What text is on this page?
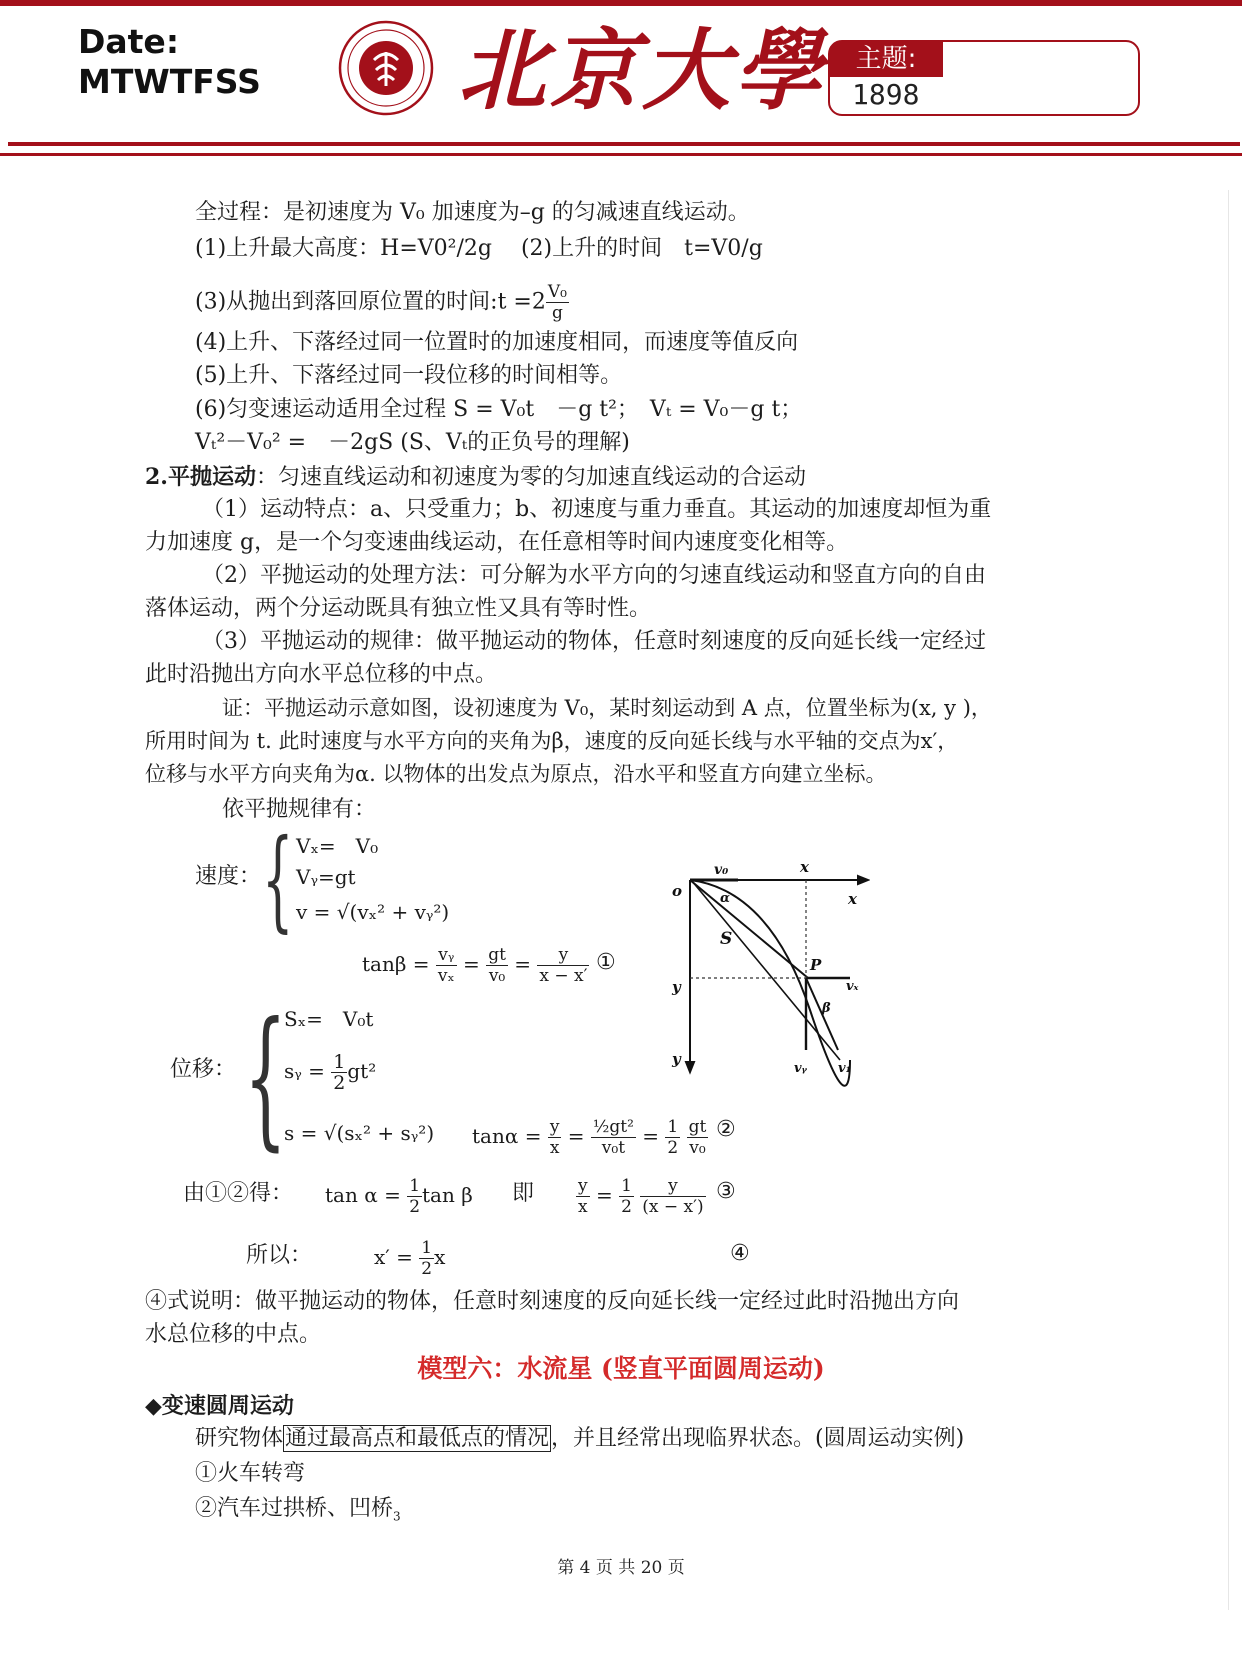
Date:
MTWTFSS 北京大學	主题:
1898
全过程：是初速度为 V₀ 加速度为–g 的匀减速直线运动。
(1)上升最大高度：H=V0²/2g　 (2)上升的时间　t=V0/g
(3)从抛出到落回原位置的时间:t $=2 \frac{\text{V₀}}{g}$
(4)上升、下落经过同一位置时的加速度相同，而速度等值反向
(5)上升、下落经过同一段位移的时间相等。
(6)匀变速运动适用全过程 S = V₀t　－g t²；　Vₜ = V₀－g t；
Vₜ²－V₀² =　－2gS (S、Vₜ的正负号的理解)
2.平抛运动：匀速直线运动和初速度为零的匀加速直线运动的合运动
（1）运动特点：a、只受重力；b、初速度与重力垂直。其运动的加速度却恒为重
力加速度 g，是一个匀变速曲线运动，在任意相等时间内速度变化相等。
（2）平抛运动的处理方法：可分解为水平方向的匀速直线运动和竖直方向的自由
落体运动，两个分运动既具有独立性又具有等时性。
（3）平抛运动的规律：做平抛运动的物体，任意时刻速度的反向延长线一定经过
此时沿抛出方向水平总位移的中点。
证：平抛运动示意如图，设初速度为 V₀，某时刻运动到 A 点，位置坐标为(x, y )，
所用时间为 t. 此时速度与水平方向的夹角为β，速度的反向延长线与水平轴的交点为x′，
位移与水平方向夹角为α. 以物体的出发点为原点，沿水平和竖直方向建立坐标。
依平抛规律有：
速度： { Vₓ=　V₀
Vᵧ=gt
v = √(vₓ² + vᵧ²)
$\tan\beta = \frac{\text{vᵧ}}{\text{vₓ}} = \frac{gt}{\text{v₀}} = \frac{y}{x - x'}$ ①
位移： {
Sₓ=　V₀t
sᵧ = $\frac{1}{2} gt^2$
s = √(sₓ² + sᵧ²) $\tan\alpha = \frac{y}{x} = \frac{\text{½gt²}}{\text{v₀t}} = \frac{1}{2}$
$\frac{gt}{\text{v₀}}$ ②
由①②得： $\tan \alpha = \frac{1}{2}$ tan β 即 $\frac{y}{x} = \frac{1}{2}$
$\frac{y}{(x - x')}$ ③
所以：	$x' = \frac{1}{2}$ x	④
④式说明：做平抛运动的物体，任意时刻速度的反向延长线一定经过此时沿抛出方向
水总位移的中点。
模型六：水流星 (竖直平面圆周运动)
◆变速圆周运动
研究物体通过最高点和最低点的情况，并且经常出现临界状态。(圆周运动实例)
①火车转弯
②汽车过拱桥、凹桥$_3$
第 4 页 共 20 页
o
v₀	x
x
S
α
P
y	vₓ
β
y
vᵧ v₁
